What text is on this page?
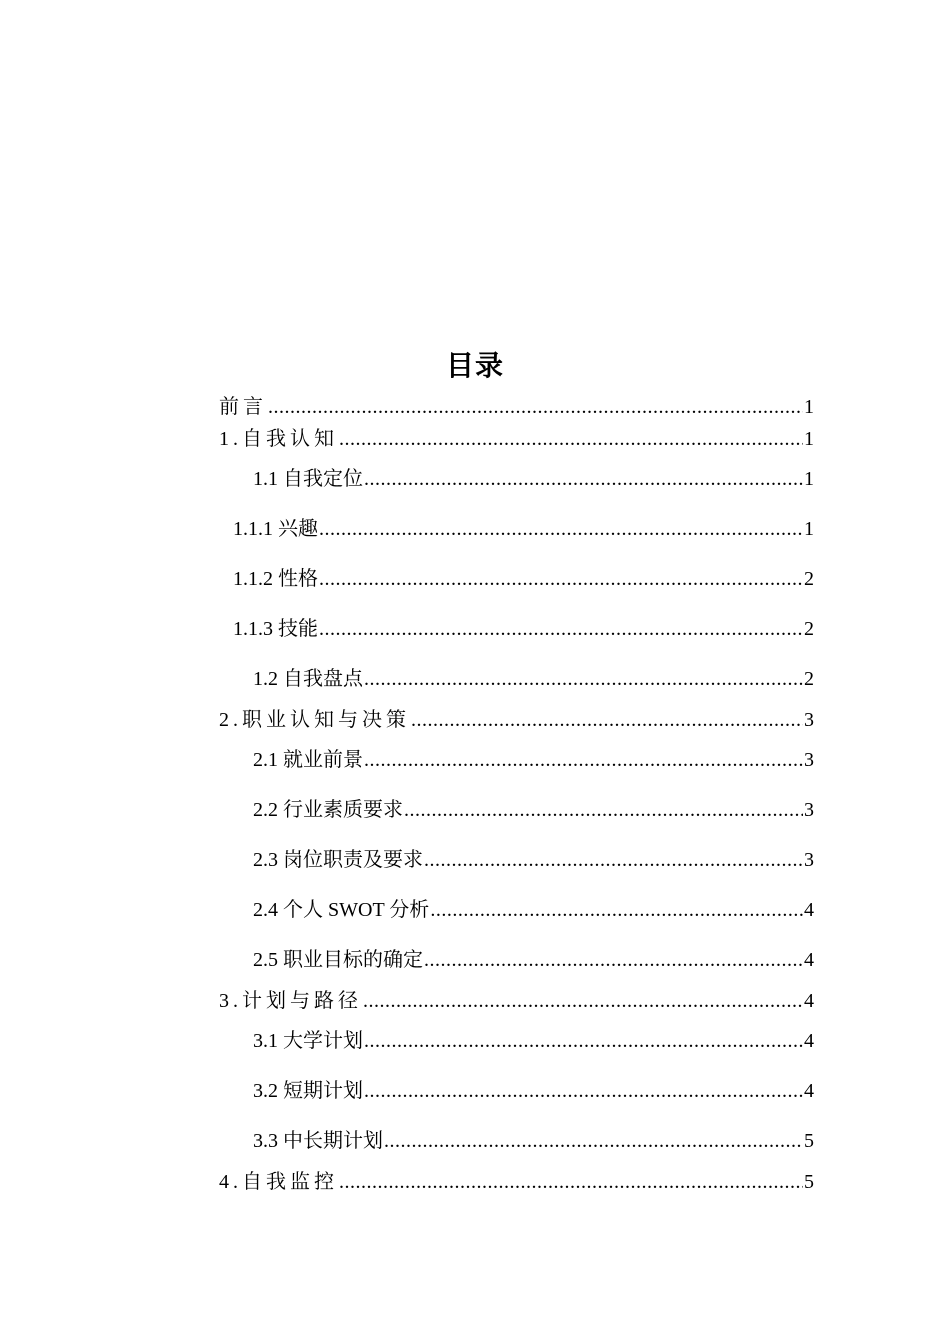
目录
前言 .....	1
1.自我认知 .....	1
1.1 自我定位 .....	1
1.1.1 兴趣 .....	1
1.1.2 性格 .....	2
1.1.3 技能 .....	2
1.2 自我盘点 .....	2
2.职业认知与决策 .....	3
2.1 就业前景 .....	3
2.2 行业素质要求 .....	3
2.3 岗位职责及要求 .....	3
2.4 个人 SWOT 分析 .....	4
2.5 职业目标的确定 .....	4
3.计划与路径 .....	4
3.1 大学计划 .....	4
3.2 短期计划 .....	4
3.3 中长期计划 .....	5
4.自我监控 .....	5
